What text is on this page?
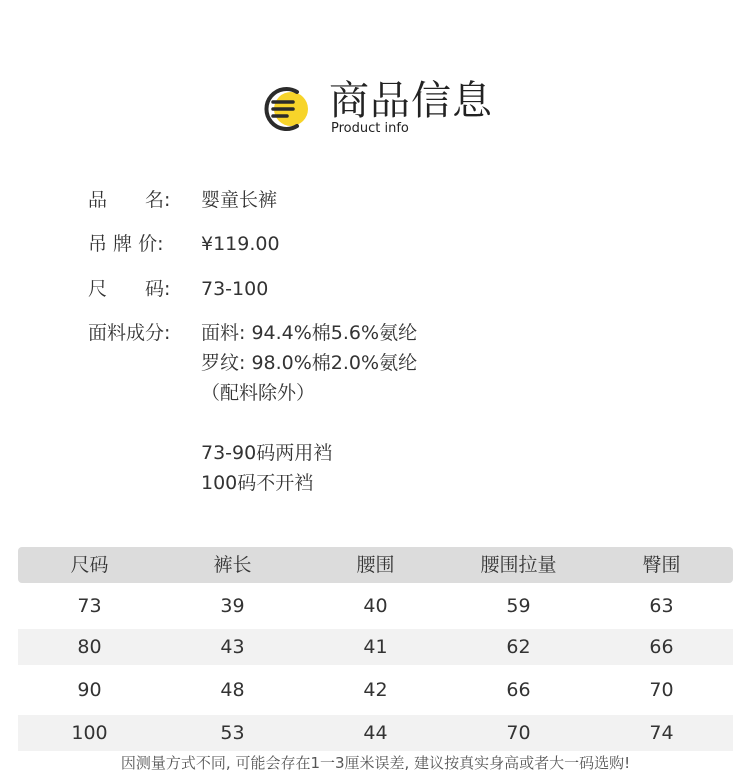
商品信息
Product info
品　　名:	婴童长裤
吊 牌 价:	¥119.00
尺　　码:	73-100
面料成分:	面料: 94.4%棉5.6%氨纶
罗纹: 98.0%棉2.0%氨纶
（配料除外）
73-90码两用裆
100码不开裆
尺码	裤长	腰围	腰围拉量	臀围
73	39	40	59	63
80	43	41	62	66
90	48	42	66	70
100	53	44	70	74
因测量方式不同, 可能会存在1一3厘米误差, 建议按真实身高或者大一码选购!
